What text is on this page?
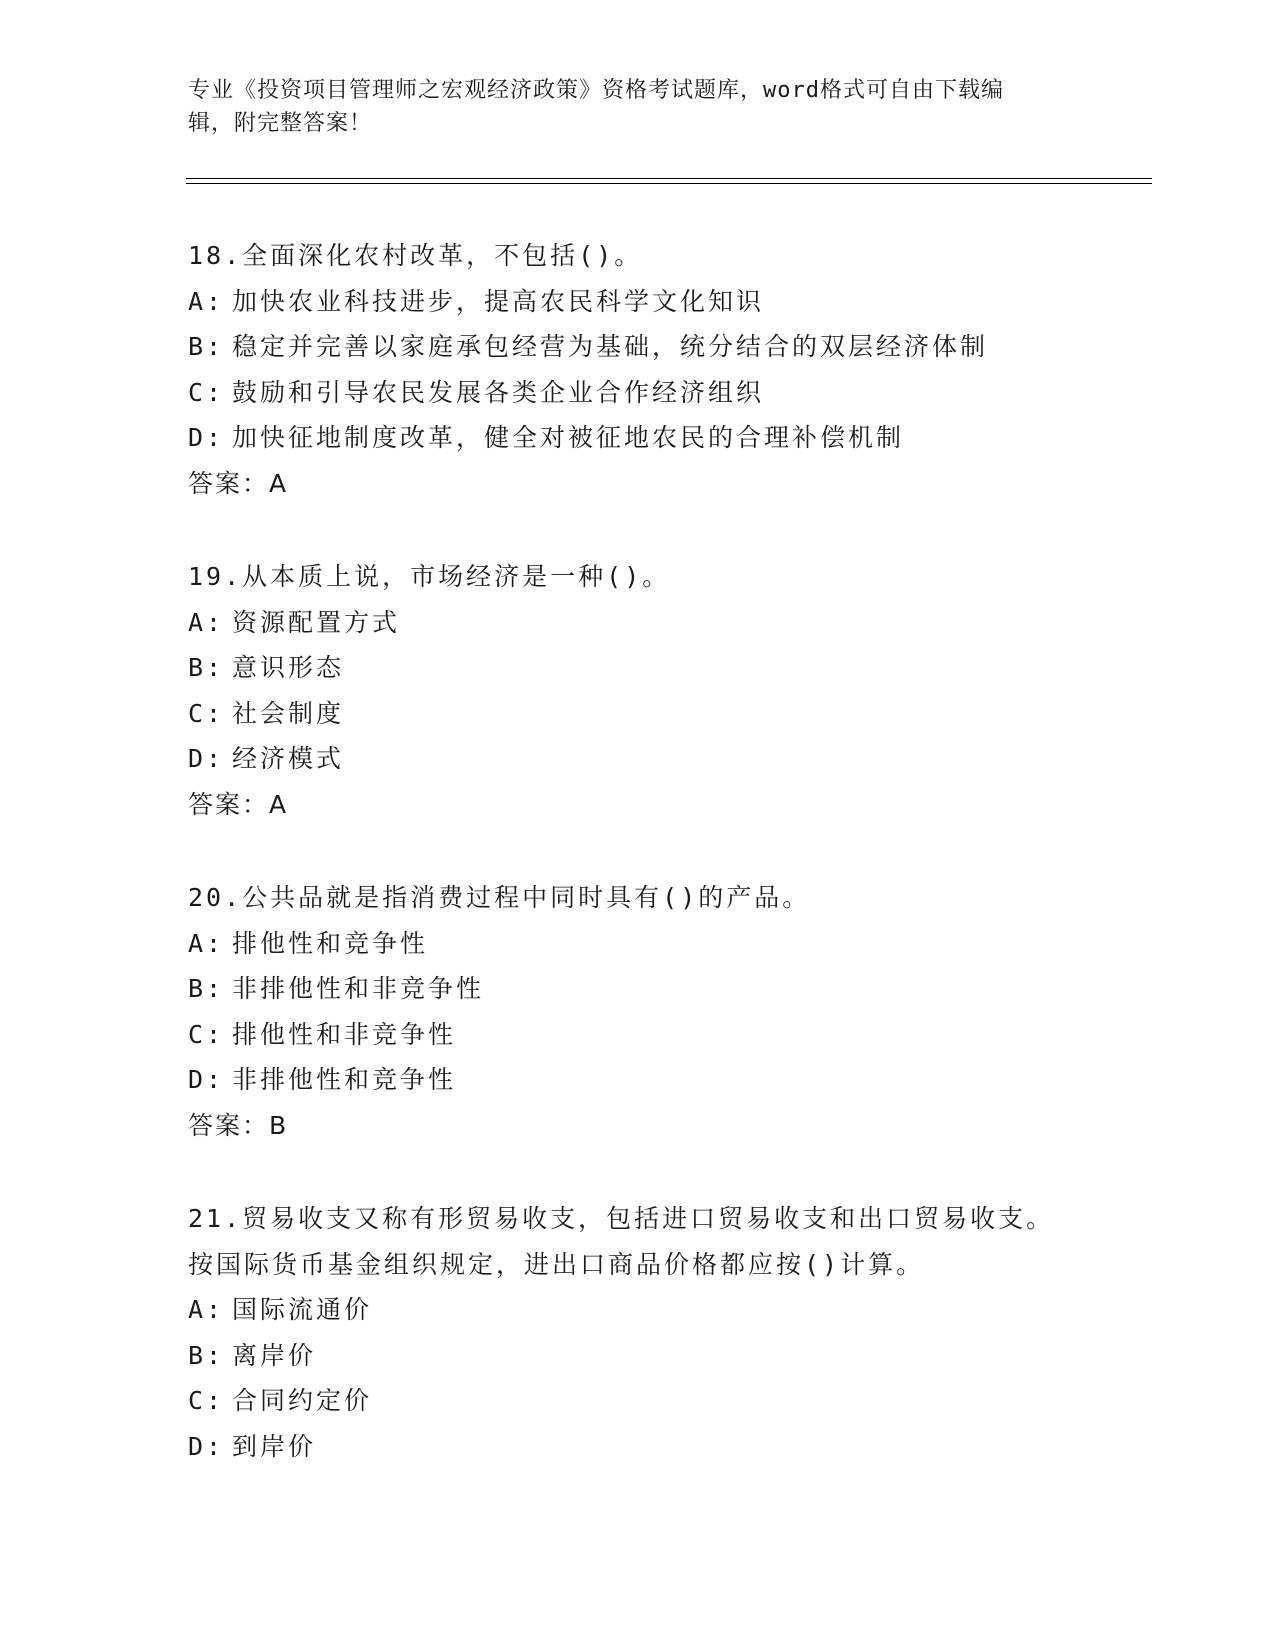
专业《投资项目管理师之宏观经济政策》资格考试题库，word格式可自由下载编
辑，附完整答案！
18.全面深化农村改革，不包括()。
A: 加快农业科技进步，提高农民科学文化知识
B: 稳定并完善以家庭承包经营为基础，统分结合的双层经济体制
C: 鼓励和引导农民发展各类企业合作经济组织
D: 加快征地制度改革，健全对被征地农民的合理补偿机制
答案：A
19.从本质上说，市场经济是一种()。
A: 资源配置方式
B: 意识形态
C: 社会制度
D: 经济模式
答案：A
20.公共品就是指消费过程中同时具有()的产品。
A: 排他性和竞争性
B: 非排他性和非竞争性
C: 排他性和非竞争性
D: 非排他性和竞争性
答案：B
21.贸易收支又称有形贸易收支，包括进口贸易收支和出口贸易收支。
按国际货币基金组织规定，进出口商品价格都应按()计算。
A: 国际流通价
B: 离岸价
C: 合同约定价
D: 到岸价
